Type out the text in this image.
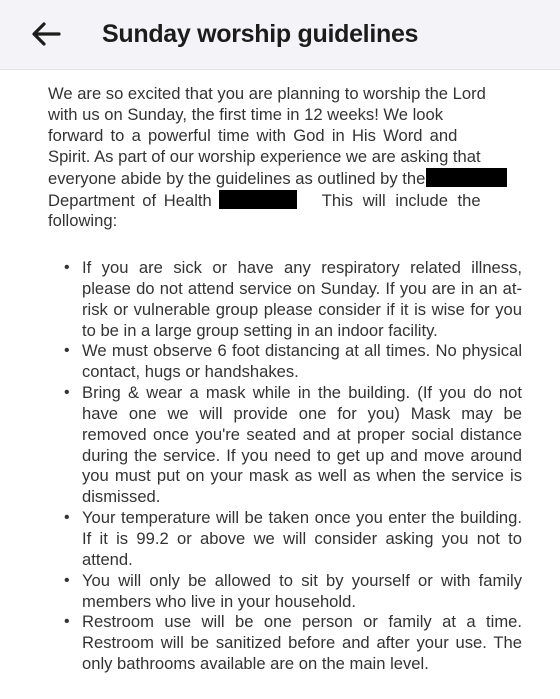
Sunday worship guidelines
We are so excited that you are planning to worship the Lord
with us on Sunday, the first time in 12 weeks! We look
forward to a powerful time with God in His Word and
Spirit. As part of our worship experience we are asking that
everyone abide by the guidelines as outlined by the
Department of Health	This will include the
following:
• If you are sick or have any respiratory related illness, please do not attend service on Sunday. If you are in an at-risk or vulnerable group please consider if it is wise for you to be in a large group setting in an indoor facility.
• We must observe 6 foot distancing at all times. No physical contact, hugs or handshakes.
• Bring & wear a mask while in the building. (If you do not have one we will provide one for you) Mask may be removed once you're seated and at proper social distance during the service. If you need to get up and move around you must put on your mask as well as when the service is dismissed.
• Your temperature will be taken once you enter the building. If it is 99.2 or above we will consider asking you not to attend.
• You will only be allowed to sit by yourself or with family members who live in your household.
• Restroom use will be one person or family at a time. Restroom will be sanitized before and after your use. The only bathrooms available are on the main level.
